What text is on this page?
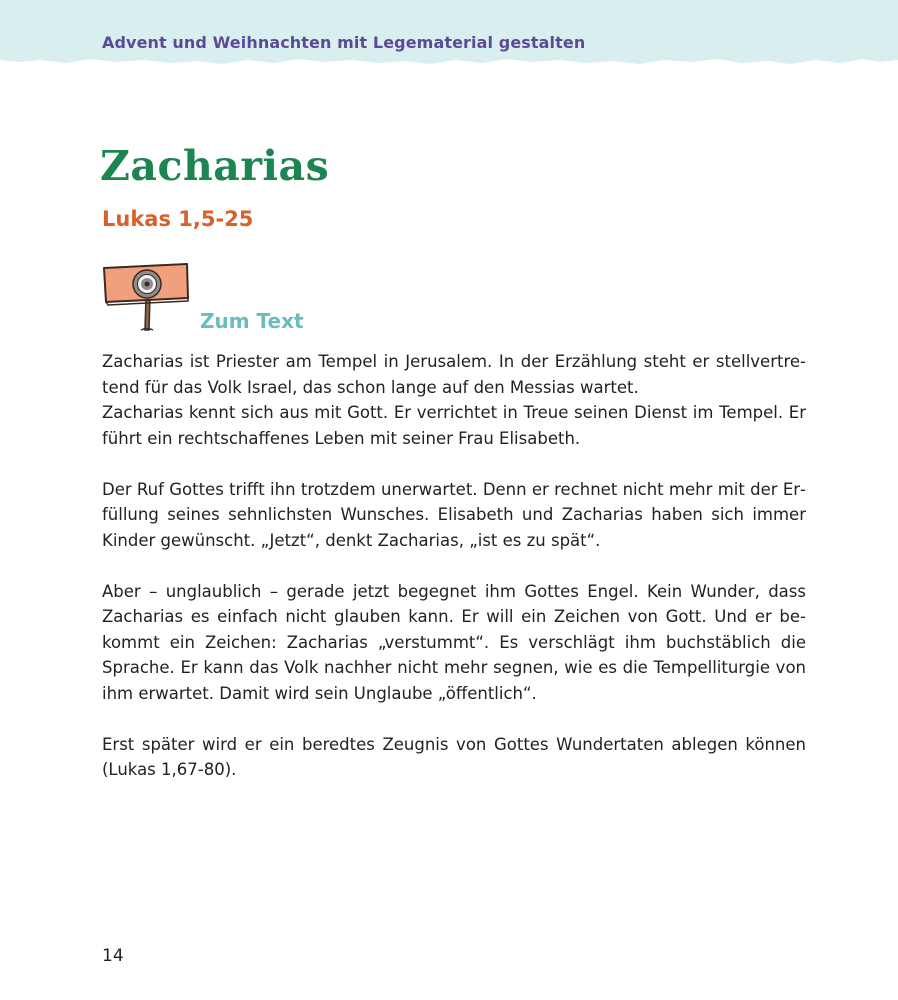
Advent und Weihnachten mit Legematerial gestalten
Zacharias
Lukas 1,5-25
Zum Text

Zacharias ist Priester am Tempel in Jerusalem. In der Erzählung steht er stellvertretend für das Volk Israel, das schon lange auf den Messias wartet.
Zacharias kennt sich aus mit Gott. Er verrichtet in Treue seinen Dienst im Tempel. Er führt ein rechtschaffenes Leben mit seiner Frau Elisabeth.

Der Ruf Gottes trifft ihn trotzdem unerwartet. Denn er rechnet nicht mehr mit der Erfüllung seines sehnlichsten Wunsches. Elisabeth und Zacharias haben sich immer Kinder gewünscht. „Jetzt“, denkt Zacharias, „ist es zu spät“.

Aber – unglaublich – gerade jetzt begegnet ihm Gottes Engel. Kein Wunder, dass Zacharias es einfach nicht glauben kann. Er will ein Zeichen von Gott. Und er bekommt ein Zeichen: Zacharias „verstummt“. Es verschlägt ihm buchstäblich die Sprache. Er kann das Volk nachher nicht mehr segnen, wie es die Tempelliturgie von ihm erwartet. Damit wird sein Unglaube „öffentlich“.

Erst später wird er ein beredtes Zeugnis von Gottes Wundertaten ablegen können (Lukas 1,67-80).

14
